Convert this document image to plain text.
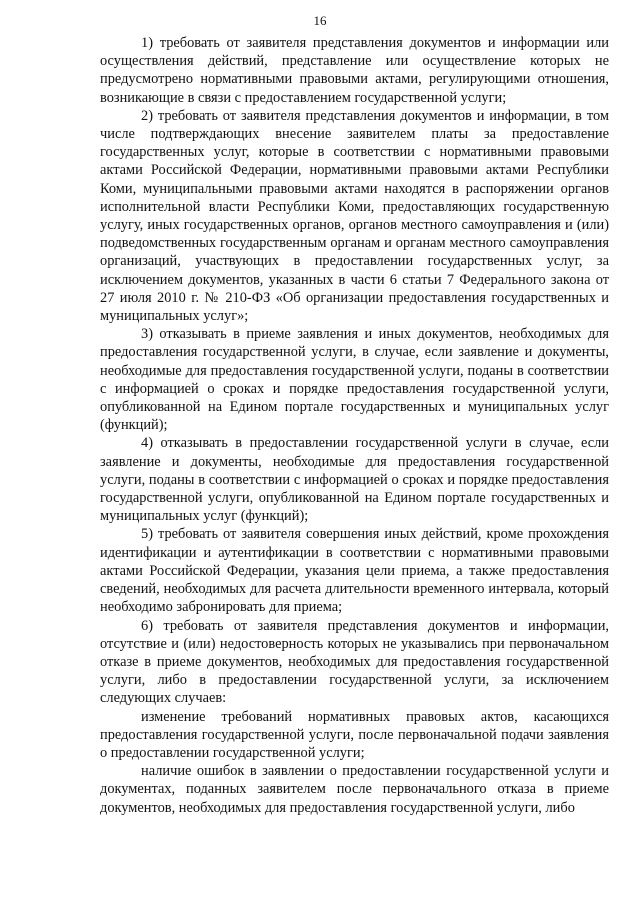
16

1) требовать от заявителя представления документов и информации или осуществления действий, представление или осуществление которых не предусмотрено нормативными правовыми актами, регулирующими отношения, возникающие в связи с предоставлением государственной услуги;

2) требовать от заявителя представления документов и информации, в том числе подтверждающих внесение заявителем платы за предоставление государственных услуг, которые в соответствии с нормативными правовыми актами Российской Федерации, нормативными правовыми актами Республики Коми, муниципальными правовыми актами находятся в распоряжении органов исполнительной власти Республики Коми, предоставляющих государственную услугу, иных государственных органов, органов местного самоуправления и (или) подведомственных государственным органам и органам местного самоуправления организаций, участвующих в предоставлении государственных услуг, за исключением документов, указанных в части 6 статьи 7 Федерального закона от 27 июля 2010 г. № 210-ФЗ «Об организации предоставления государственных и муниципальных услуг»;

3) отказывать в приеме заявления и иных документов, необходимых для предоставления государственной услуги, в случае, если заявление и документы, необходимые для предоставления государственной услуги, поданы в соответствии с информацией о сроках и порядке предоставления государственной услуги, опубликованной на Едином портале государственных и муниципальных услуг (функций);

4) отказывать в предоставлении государственной услуги в случае, если заявление и документы, необходимые для предоставления государственной услуги, поданы в соответствии с информацией о сроках и порядке предоставления государственной услуги, опубликованной на Едином портале государственных и муниципальных услуг (функций);

5) требовать от заявителя совершения иных действий, кроме прохождения идентификации и аутентификации в соответствии с нормативными правовыми актами Российской Федерации, указания цели приема, а также предоставления сведений, необходимых для расчета длительности временного интервала, который необходимо забронировать для приема;

6) требовать от заявителя представления документов и информации, отсутствие и (или) недостоверность которых не указывались при первоначальном отказе в приеме документов, необходимых для предоставления государственной услуги, либо в предоставлении государственной услуги, за исключением следующих случаев:

изменение требований нормативных правовых актов, касающихся предоставления государственной услуги, после первоначальной подачи заявления о предоставлении государственной услуги;

наличие ошибок в заявлении о предоставлении государственной услуги и документах, поданных заявителем после первоначального отказа в приеме документов, необходимых для предоставления государственной услуги, либо
